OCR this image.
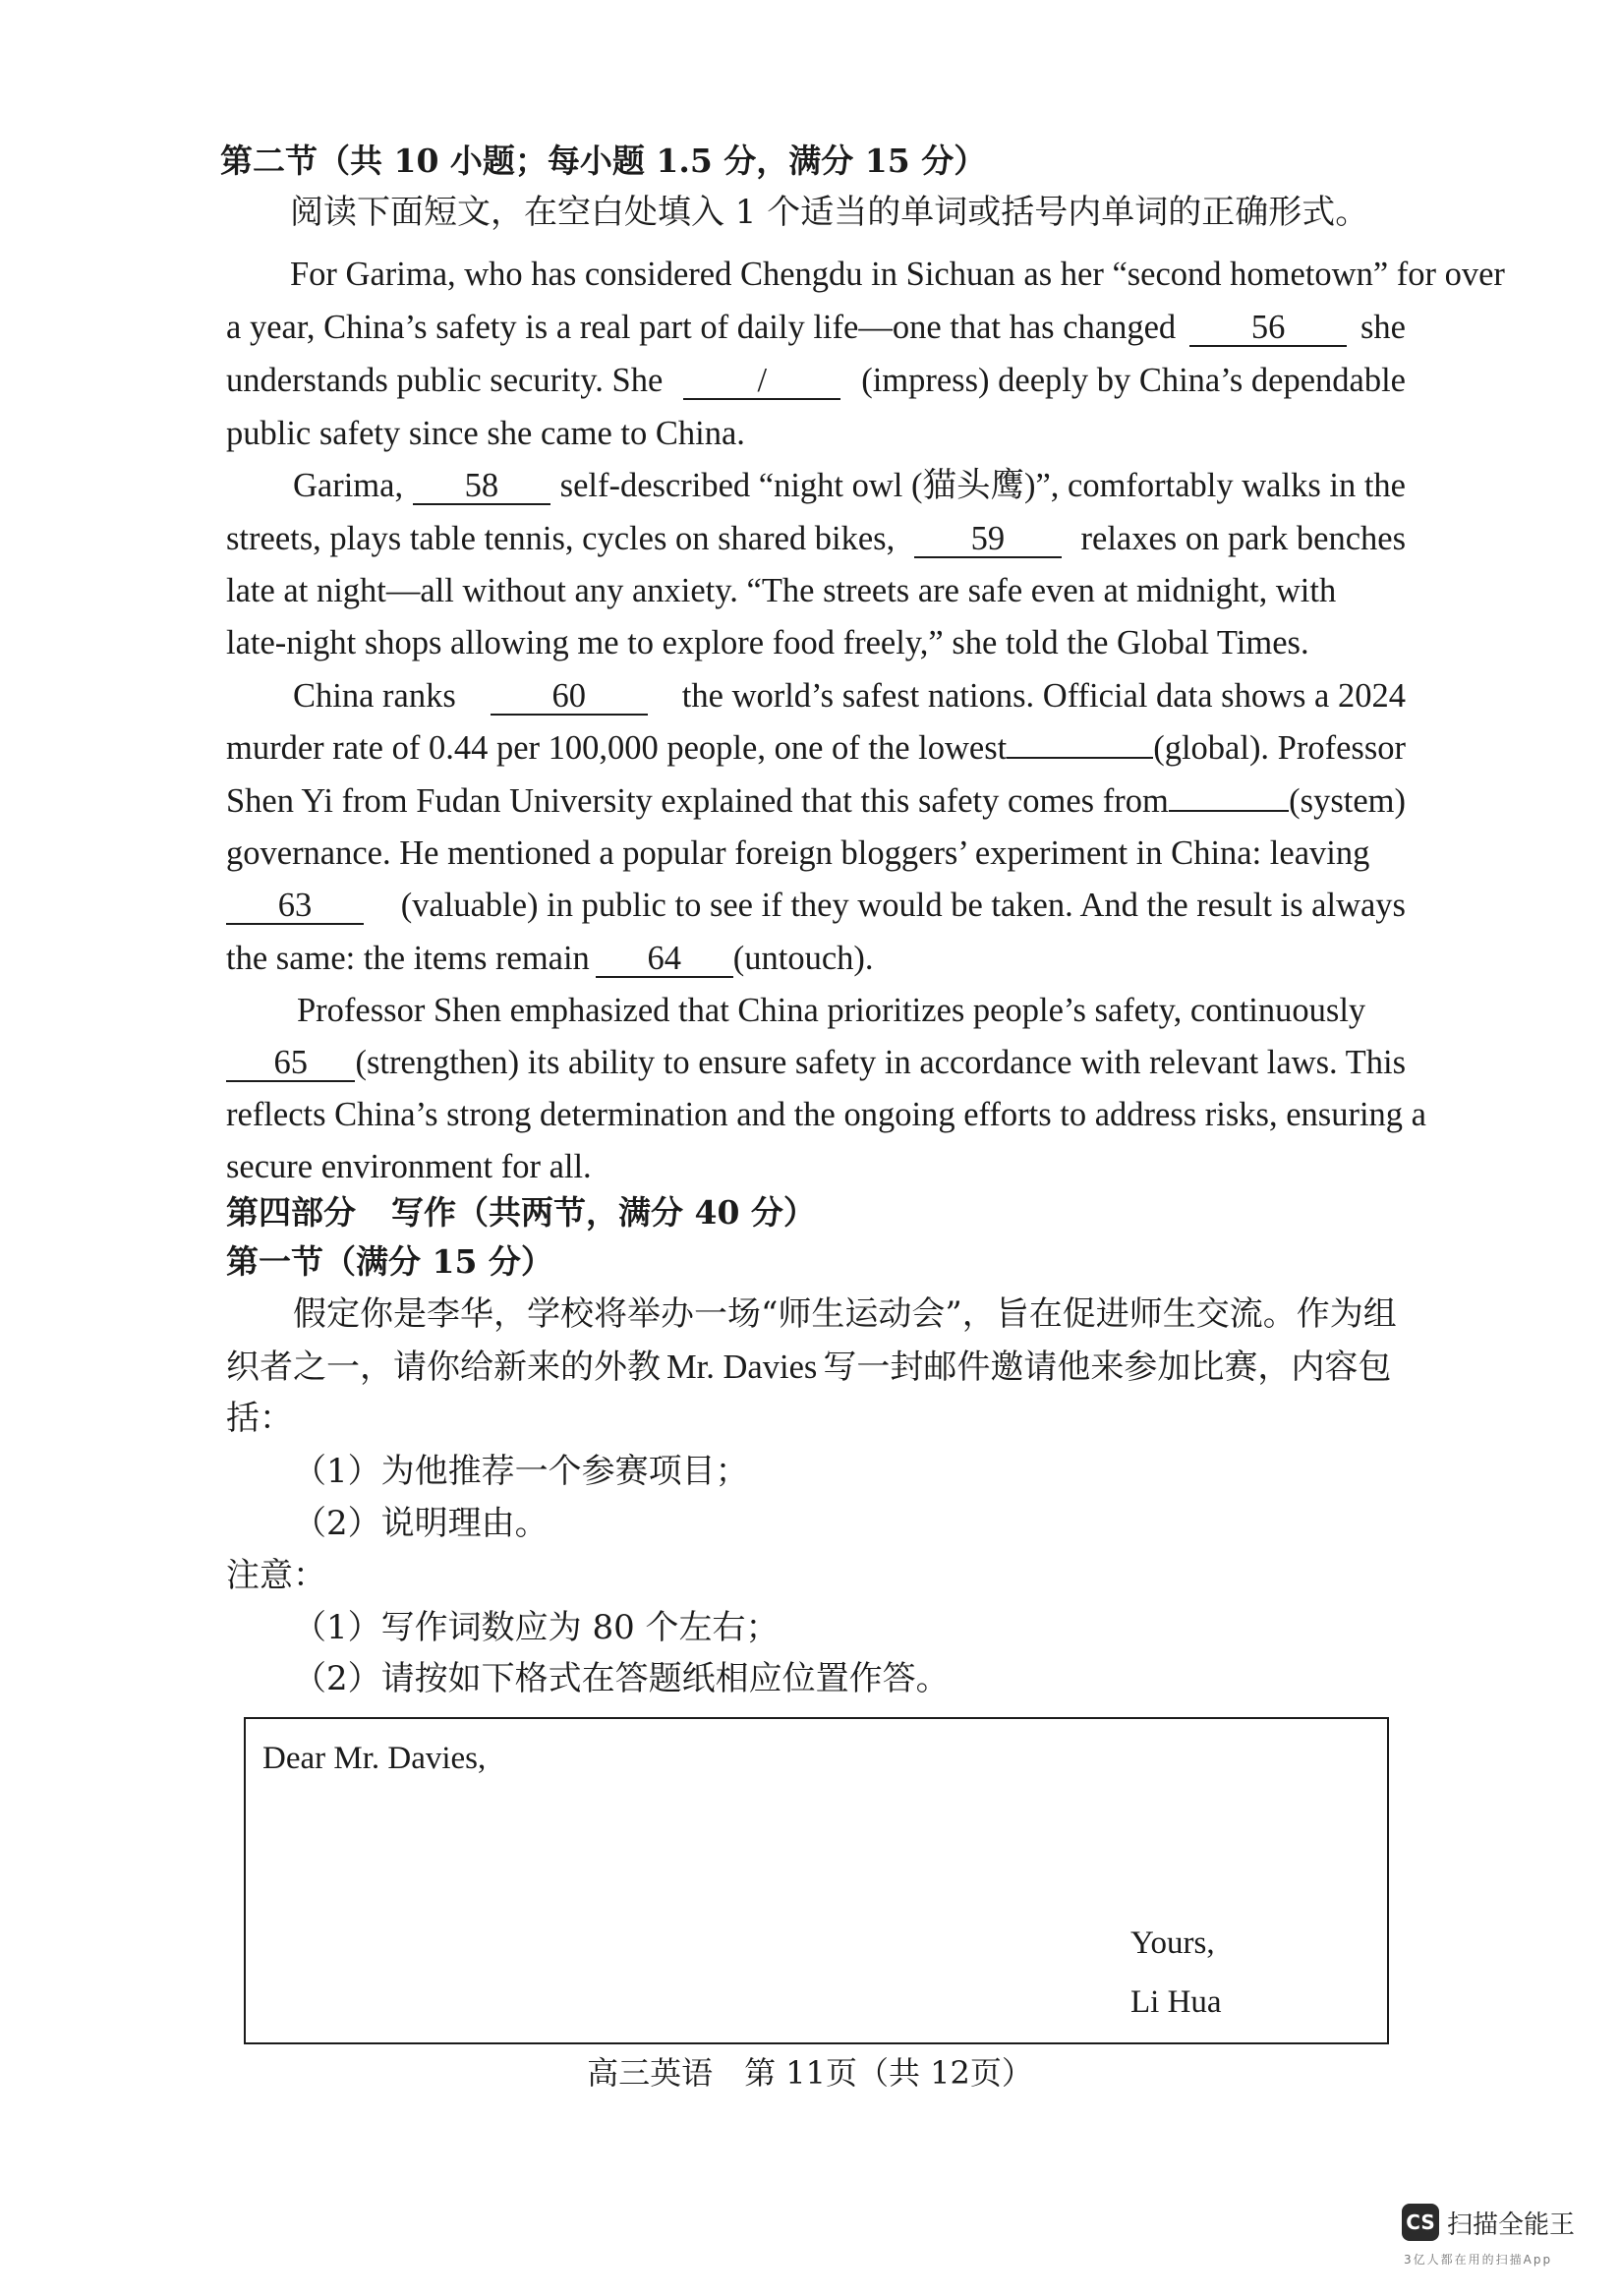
第二节（共 10 小题；每小题 1.5 分，满分 15 分）
阅读下面短文，在空白处填入 1 个适当的单词或括号内单词的正确形式。
For Garima, who has considered Chengdu in Sichuan as her “second hometown” for over
a year, China’s safety is a real part of daily life—one that has changed	56	she
understands public security. She	/	(impress) deeply by China’s dependable
public safety since she came to China.
Garima,	58	self-described “night owl (猫头鹰)”, comfortably walks in the
streets, plays table tennis, cycles on shared bikes,	59	relaxes on park benches
late at night—all without any anxiety. “The streets are safe even at midnight, with
late-night shops allowing me to explore food freely,” she told the Global Times.
China ranks	60	the world’s safest nations. Official data shows a 2024
murder rate of 0.44 per 100,000 people, one of the lowest	(global). Professor
Shen Yi from Fudan University explained that this safety comes from	(system)
governance. He mentioned a popular foreign bloggers’ experiment in China: leaving
63	(valuable) in public to see if they would be taken. And the result is always
the same: the items remain 64 (untouch).
Professor Shen emphasized that China prioritizes people’s safety, continuously
65	(strengthen) its ability to ensure safety in accordance with relevant laws. This
reflects China’s strong determination and the ongoing efforts to address risks, ensuring a
secure environment for all.
第四部分 写作（共两节，满分 40 分）
第一节（满分 15 分）
假定你是李华，学校将举办一场“师生运动会”，旨在促进师生交流。作为组
织者之一，请你给新来的外教 Mr. Davies 写一封邮件邀请他来参加比赛，内容包
括：
（1）为他推荐一个参赛项目；
（2）说明理由。
注意：
（1）写作词数应为 80 个左右；
（2）请按如下格式在答题纸相应位置作答。
Dear Mr. Davies,
Yours,
Li Hua
高三英语　第 11页（共 12页）
CS 扫描全能王
3亿人都在用的扫描App
